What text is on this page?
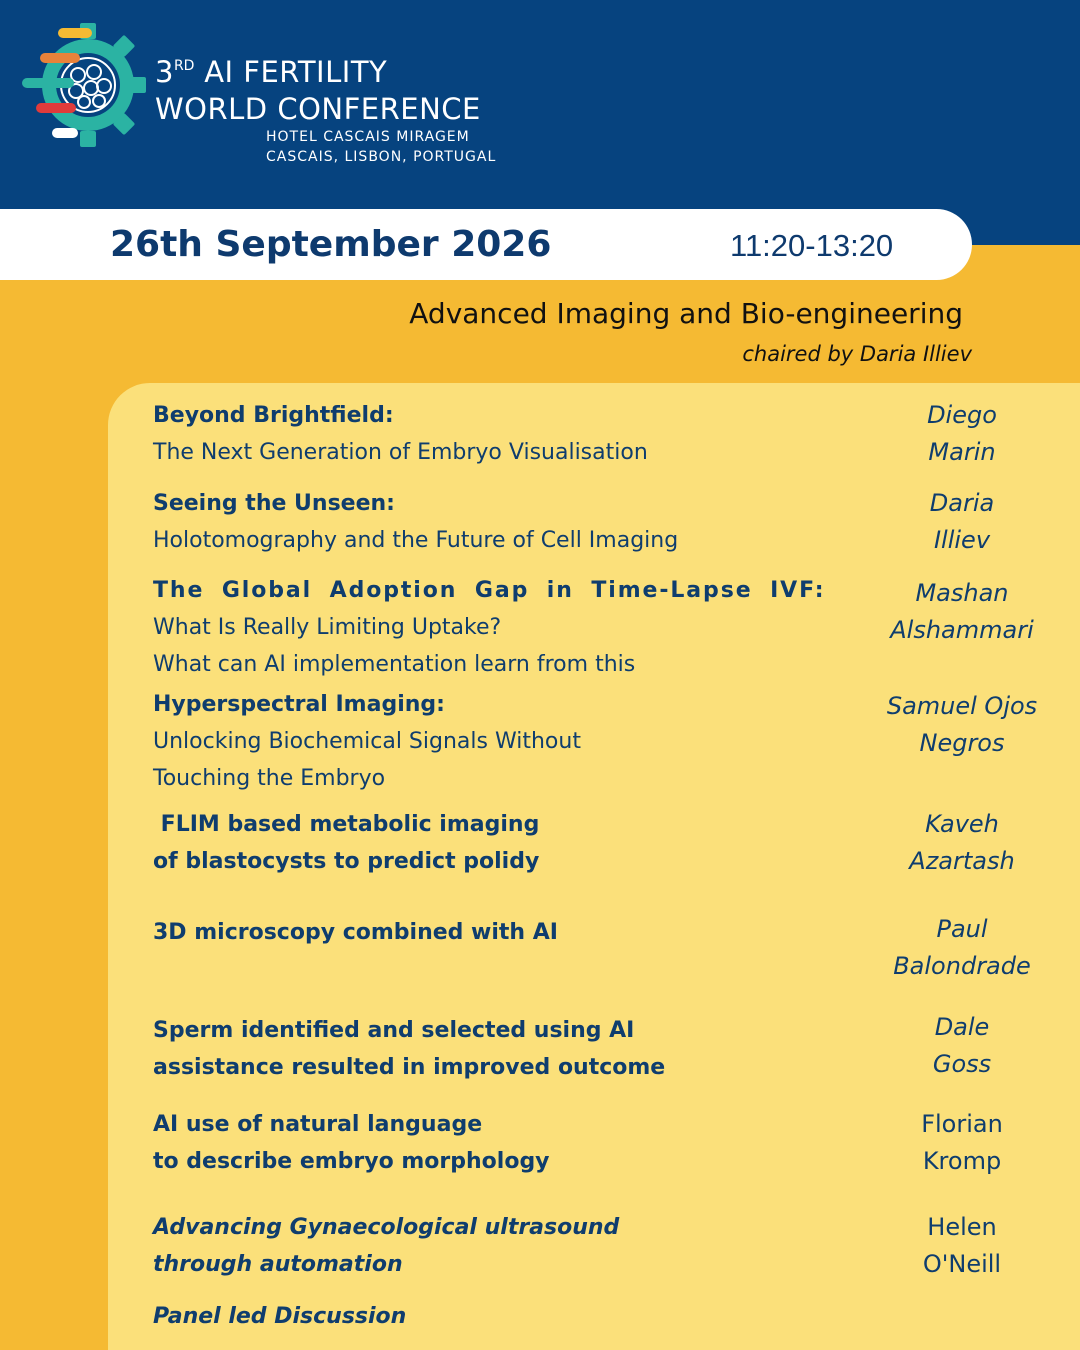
3RD AI FERTILITY
WORLD CONFERENCE
HOTEL CASCAIS MIRAGEM
CASCAIS, LISBON, PORTUGAL
26th September 2026	11:20-13:20
Advanced Imaging and Bio-engineering
chaired by Daria Illiev
Beyond Brightfield:
The Next Generation of Embryo Visualisation
Diego
Marin
Seeing the Unseen:
Holotomography and the Future of Cell Imaging
Daria
Illiev
The Global Adoption Gap in Time-Lapse IVF:
What Is Really Limiting Uptake?
What can AI implementation learn from this
Mashan
Alshammari
Hyperspectral Imaging:
Unlocking Biochemical Signals Without
Touching the Embryo
Samuel Ojos
Negros
FLIM based metabolic imaging
of blastocysts to predict polidy
Kaveh
Azartash
3D microscopy combined with AI	Paul
Balondrade
Sperm identified and selected using AI
assistance resulted in improved outcome
Dale
Goss
AI use of natural language
to describe embryo morphology
Florian
Kromp
Advancing Gynaecological ultrasound
through automation
Helen
O'Neill
Panel led Discussion
